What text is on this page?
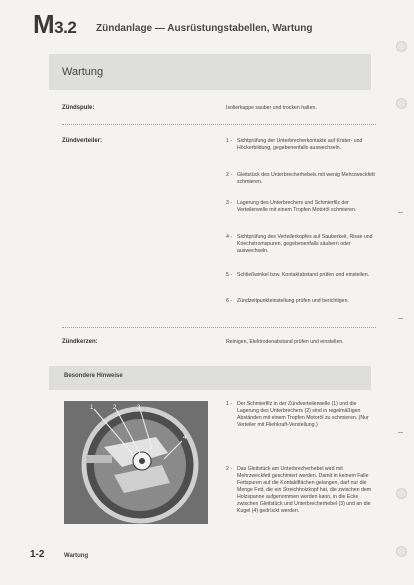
M3.2 Zündanlage — Ausrüstungstabellen, Wartung
Wartung
Zündspule:	Isolierkappe sauber und trocken halten.
Zündverteiler:	1 - Sichtprüfung der Unterbrecherkontakte auf Krater- und Höckerbildung, gegebenenfalls auswechseln.
2 - Gleitstück des Unterbrecherhebels mit wenig Mehrzweckfett schmieren.
3 - Lagerung des Unterbrechers und Schmierfilz der Verteilerwelle mit einem Tropfen Motoröl schmieren.
4 - Sichtprüfung des Verteilerkopfes auf Sauberkeit, Risse und Kriechstromspuren, gegebenenfalls säubern oder auswechseln.
5 - Schließwinkel bzw. Kontaktabstand prüfen und einstellen.
6 - Zündzeitpunkteinstellung prüfen und berichtigen.
Zündkerzen:	Reinigen, Elektrodenabstand prüfen und einstellen.
Besondere Hinweise
1	2	3
4
1 - Der Schmierfilz in der Zündverteilerwelle (1) und die Lagerung des Unterbrechers (2) sind in regelmäßigen Abständen mit einem Tropfen Motoröl zu schmieren. (Nur Verteiler mit Fliehkraft-Verstellung.)
2 - Das Gleitstück am Unterbrecherhebel wird mit Mehrzweckfett geschmiert werden. Damit in keinem Falle Fettspuren auf die Kontaktflächen gelangen, darf nur die Menge Fett, die ein Streichholzkopf hat, die zwischen dem Holzspanne aufgenommen werden kann, in die Ecke zwischen Gleitstück und Unterbrecherhebel (3) und an die Kugel (4) gedrückt werden.
1-2	Wartung
